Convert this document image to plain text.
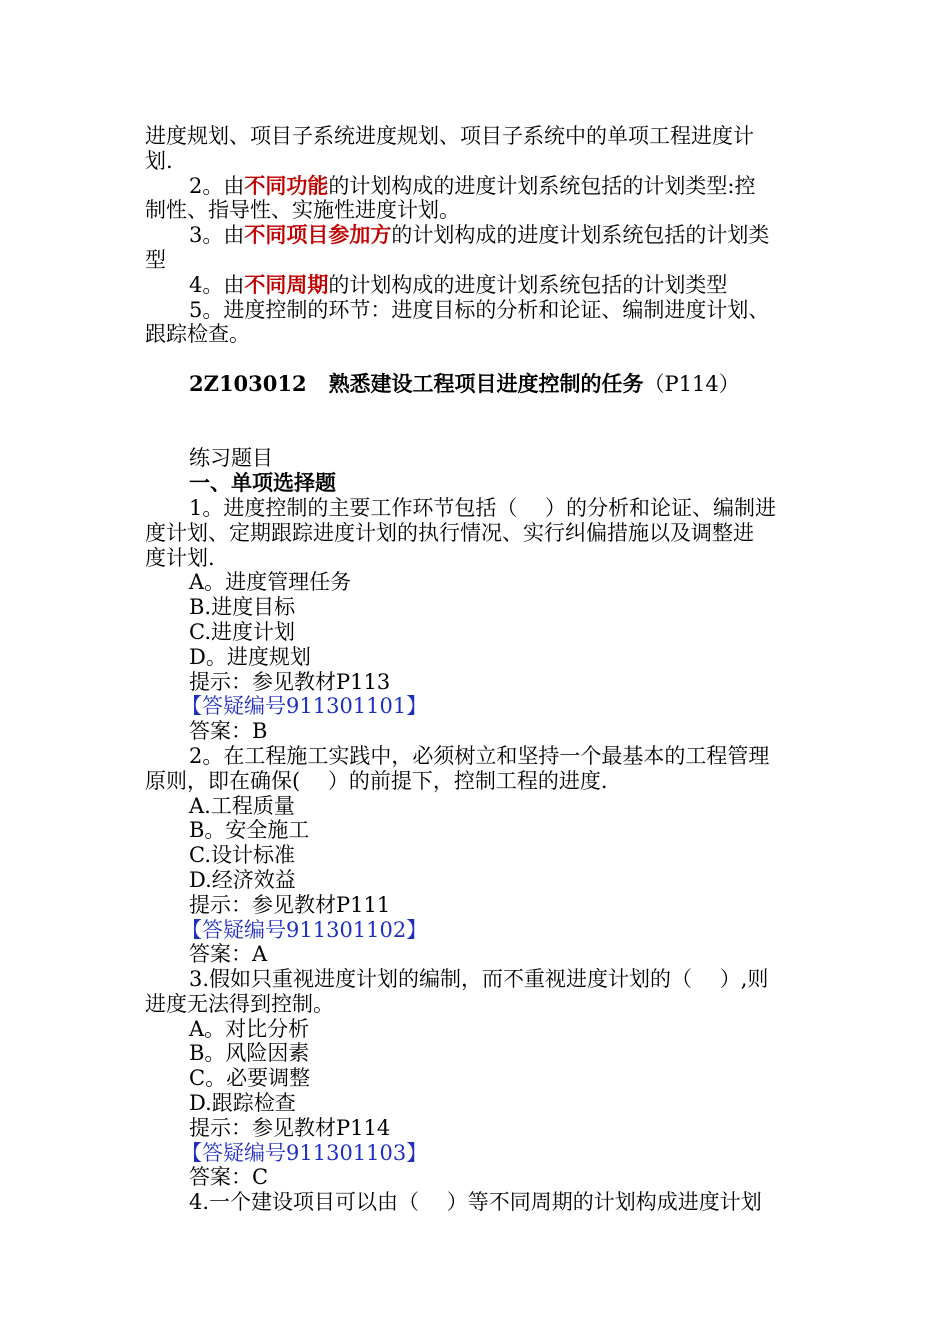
进度规划、项目子系统进度规划、项目子系统中的单项工程进度计
划.
2。由不同功能的计划构成的进度计划系统包括的计划类型:控
制性、指导性、实施性进度计划。
3。由不同项目参加方的计划构成的进度计划系统包括的计划类
型
4。由不同周期的计划构成的进度计划系统包括的计划类型
5。进度控制的环节：进度目标的分析和论证、编制进度计划、
跟踪检查。
2Z103012 熟悉建设工程项目进度控制的任务（P114）
练习题目
一、单项选择题
1。进度控制的主要工作环节包括（　 ）的分析和论证、编制进
度计划、定期跟踪进度计划的执行情况、实行纠偏措施以及调整进
度计划.
A。进度管理任务
B.进度目标
C.进度计划
D。进度规划
提示：参见教材P113
【答疑编号911301101】
答案：B
2。在工程施工实践中，必须树立和坚持一个最基本的工程管理
原则，即在确保(　 ）的前提下，控制工程的进度.
A.工程质量
B。安全施工
C.设计标准
D.经济效益
提示：参见教材P111
【答疑编号911301102】
答案：A
3.假如只重视进度计划的编制，而不重视进度计划的（　 ）,则
进度无法得到控制。
A。对比分析
B。风险因素
C。必要调整
D.跟踪检查
提示：参见教材P114
【答疑编号911301103】
答案：C
4.一个建设项目可以由（　 ）等不同周期的计划构成进度计划
